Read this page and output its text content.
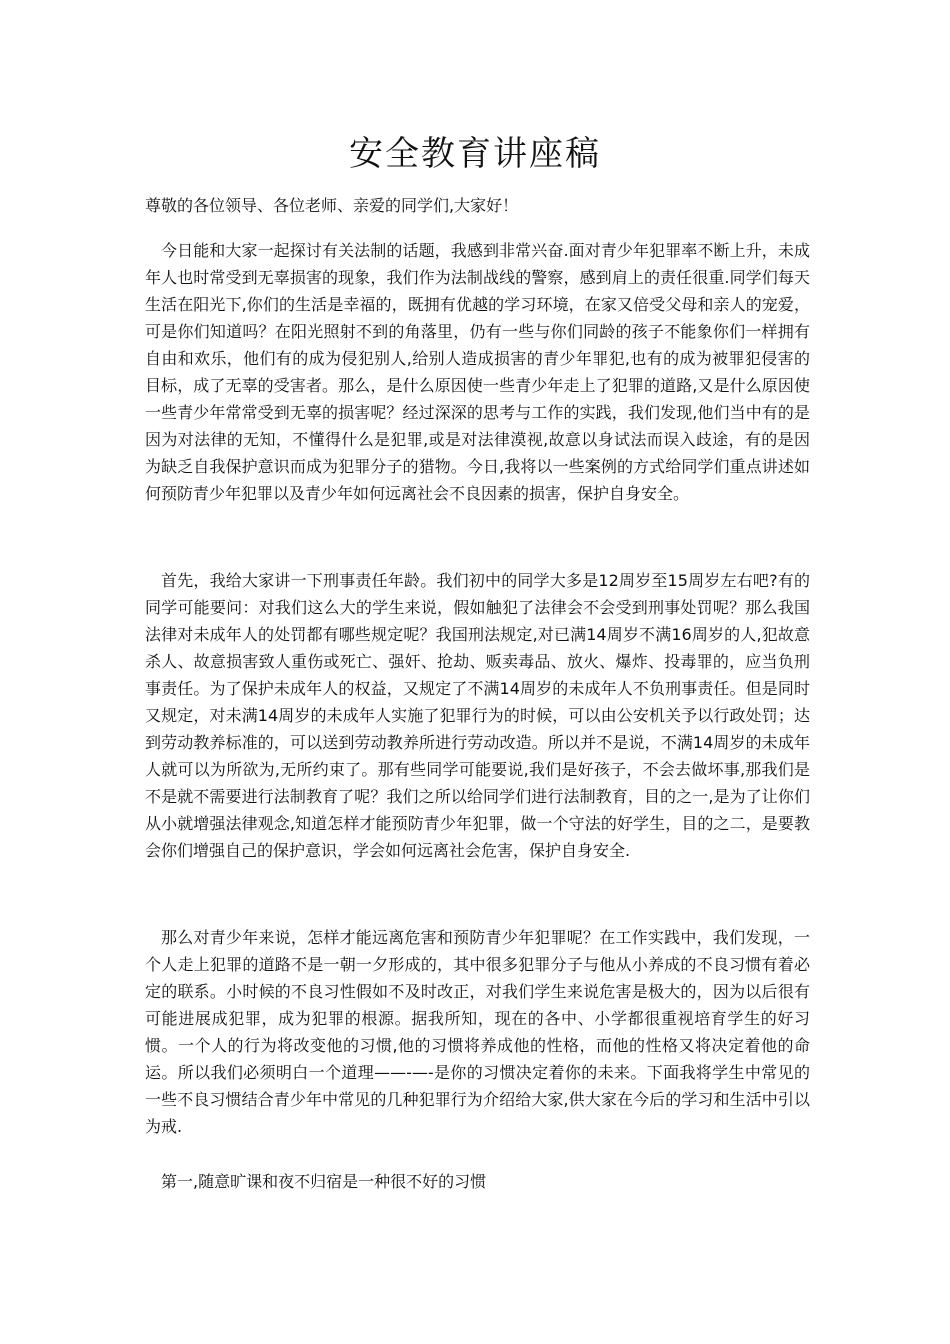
安全教育讲座稿

尊敬的各位领导、各位老师、亲爱的同学们,大家好！

今日能和大家一起探讨有关法制的话题，我感到非常兴奋.面对青少年犯罪率不断上升，未成年人也时常受到无辜损害的现象，我们作为法制战线的警察，感到肩上的责任很重.同学们每天生活在阳光下,你们的生活是幸福的，既拥有优越的学习环境，在家又倍受父母和亲人的宠爱，可是你们知道吗？在阳光照射不到的角落里，仍有一些与你们同龄的孩子不能象你们一样拥有自由和欢乐，他们有的成为侵犯别人,给别人造成损害的青少年罪犯,也有的成为被罪犯侵害的目标，成了无辜的受害者。那么，是什么原因使一些青少年走上了犯罪的道路,又是什么原因使一些青少年常常受到无辜的损害呢？经过深深的思考与工作的实践，我们发现,他们当中有的是因为对法律的无知，不懂得什么是犯罪,或是对法律漠视,故意以身试法而误入歧途，有的是因为缺乏自我保护意识而成为犯罪分子的猎物。今日,我将以一些案例的方式给同学们重点讲述如何预防青少年犯罪以及青少年如何远离社会不良因素的损害，保护自身安全。

首先，我给大家讲一下刑事责任年龄。我们初中的同学大多是12周岁至15周岁左右吧?有的同学可能要问：对我们这么大的学生来说，假如触犯了法律会不会受到刑事处罚呢？那么我国法律对未成年人的处罚都有哪些规定呢？我国刑法规定,对已满14周岁不满16周岁的人,犯故意杀人、故意损害致人重伤或死亡、强奸、抢劫、贩卖毒品、放火、爆炸、投毒罪的，应当负刑事责任。为了保护未成年人的权益，又规定了不满14周岁的未成年人不负刑事责任。但是同时又规定，对未满14周岁的未成年人实施了犯罪行为的时候，可以由公安机关予以行政处罚；达到劳动教养标准的，可以送到劳动教养所进行劳动改造。所以并不是说，不满14周岁的未成年人就可以为所欲为,无所约束了。那有些同学可能要说,我们是好孩子，不会去做坏事,那我们是不是就不需要进行法制教育了呢？我们之所以给同学们进行法制教育，目的之一,是为了让你们从小就增强法律观念,知道怎样才能预防青少年犯罪，做一个守法的好学生，目的之二，是要教会你们增强自己的保护意识，学会如何远离社会危害，保护自身安全.

那么对青少年来说，怎样才能远离危害和预防青少年犯罪呢？在工作实践中，我们发现，一个人走上犯罪的道路不是一朝一夕形成的，其中很多犯罪分子与他从小养成的不良习惯有着必定的联系。小时候的不良习性假如不及时改正，对我们学生来说危害是极大的，因为以后很有可能进展成犯罪，成为犯罪的根源。据我所知，现在的各中、小学都很重视培育学生的好习惯。一个人的行为将改变他的习惯,他的习惯将养成他的性格，而他的性格又将决定着他的命运。所以我们必须明白一个道理——-—-是你的习惯决定着你的未来。下面我将学生中常见的一些不良习惯结合青少年中常见的几种犯罪行为介绍给大家,供大家在今后的学习和生活中引以为戒.

第一,随意旷课和夜不归宿是一种很不好的习惯
